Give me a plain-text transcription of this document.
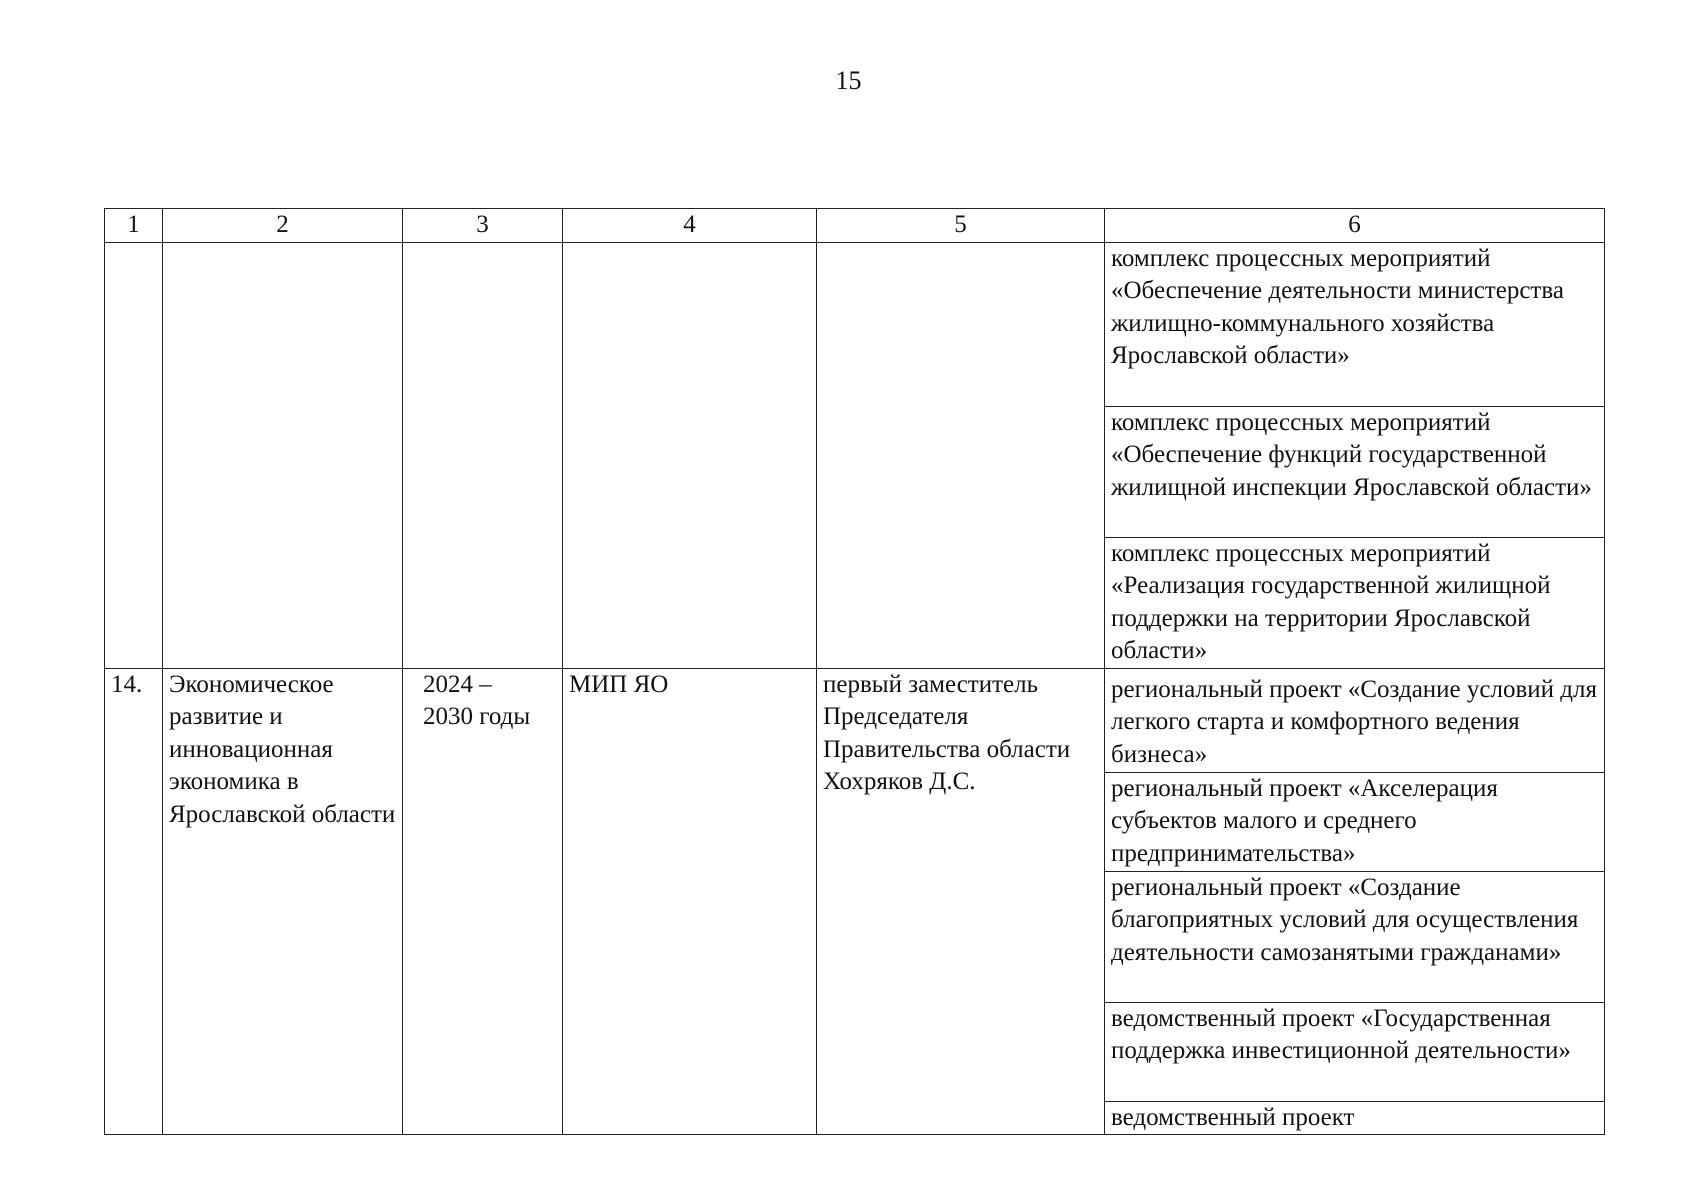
15
1	2	3	4	5	6
					комплекс процессных мероприятий «Обеспечение деятельности министерства жилищно-коммунального хозяйства Ярославской области»
					комплекс процессных мероприятий «Обеспечение функций государственной жилищной инспекции Ярославской области»
					комплекс процессных мероприятий «Реализация государственной жилищной поддержки на территории Ярославской области»
14.	Экономическое развитие и инновационная экономика в Ярославской области	2024 – 2030 годы	МИП ЯО	первый заместитель Председателя Правительства области Хохряков Д.С.	региональный проект «Создание условий для легкого старта и комфортного ведения бизнеса»
					региональный проект «Акселерация субъектов малого и среднего предпринимательства»
					региональный проект «Создание благоприятных условий для осуществления деятельности самозанятыми гражданами»
					ведомственный проект «Государственная поддержка инвестиционной деятельности»
					ведомственный проект
